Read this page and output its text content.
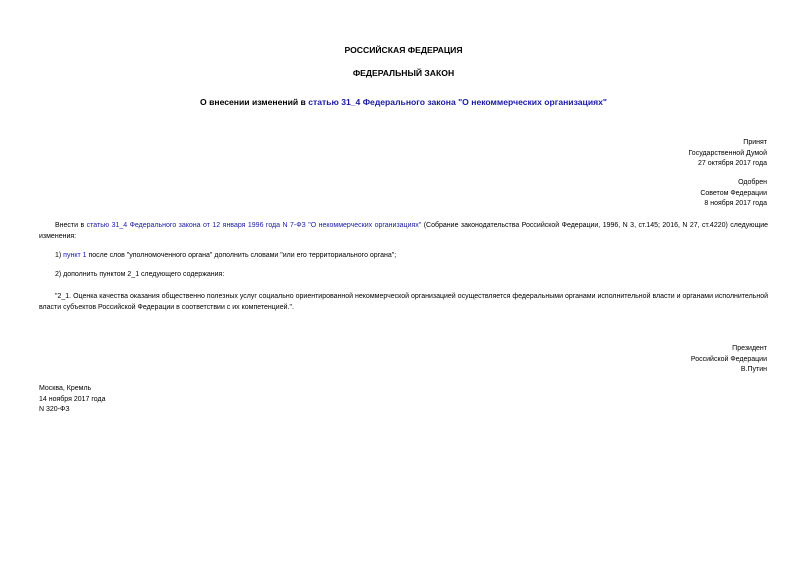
РОССИЙСКАЯ ФЕДЕРАЦИЯ
ФЕДЕРАЛЬНЫЙ ЗАКОН
О внесении изменений в статью 31_4 Федерального закона "О некоммерческих организациях"
Принят
Государственной Думой
27 октября 2017 года
Одобрен
Советом Федерации
8 ноября 2017 года
Внести в статью 31_4 Федерального закона от 12 января 1996 года N 7-ФЗ "О некоммерческих организациях" (Собрание законодательства Российской Федерации, 1996, N 3, ст.145; 2016, N 27, ст.4220) следующие изменения:
1) пункт 1 после слов "уполномоченного органа" дополнить словами "или его территориального органа";
2) дополнить пунктом 2_1 следующего содержания:
"2_1. Оценка качества оказания общественно полезных услуг социально ориентированной некоммерческой организацией осуществляется федеральными органами исполнительной власти и органами исполнительной власти субъектов Российской Федерации в соответствии с их компетенцией.".
Президент
Российской Федерации
В.Путин
Москва, Кремль
14 ноября 2017 года
N 320-ФЗ
